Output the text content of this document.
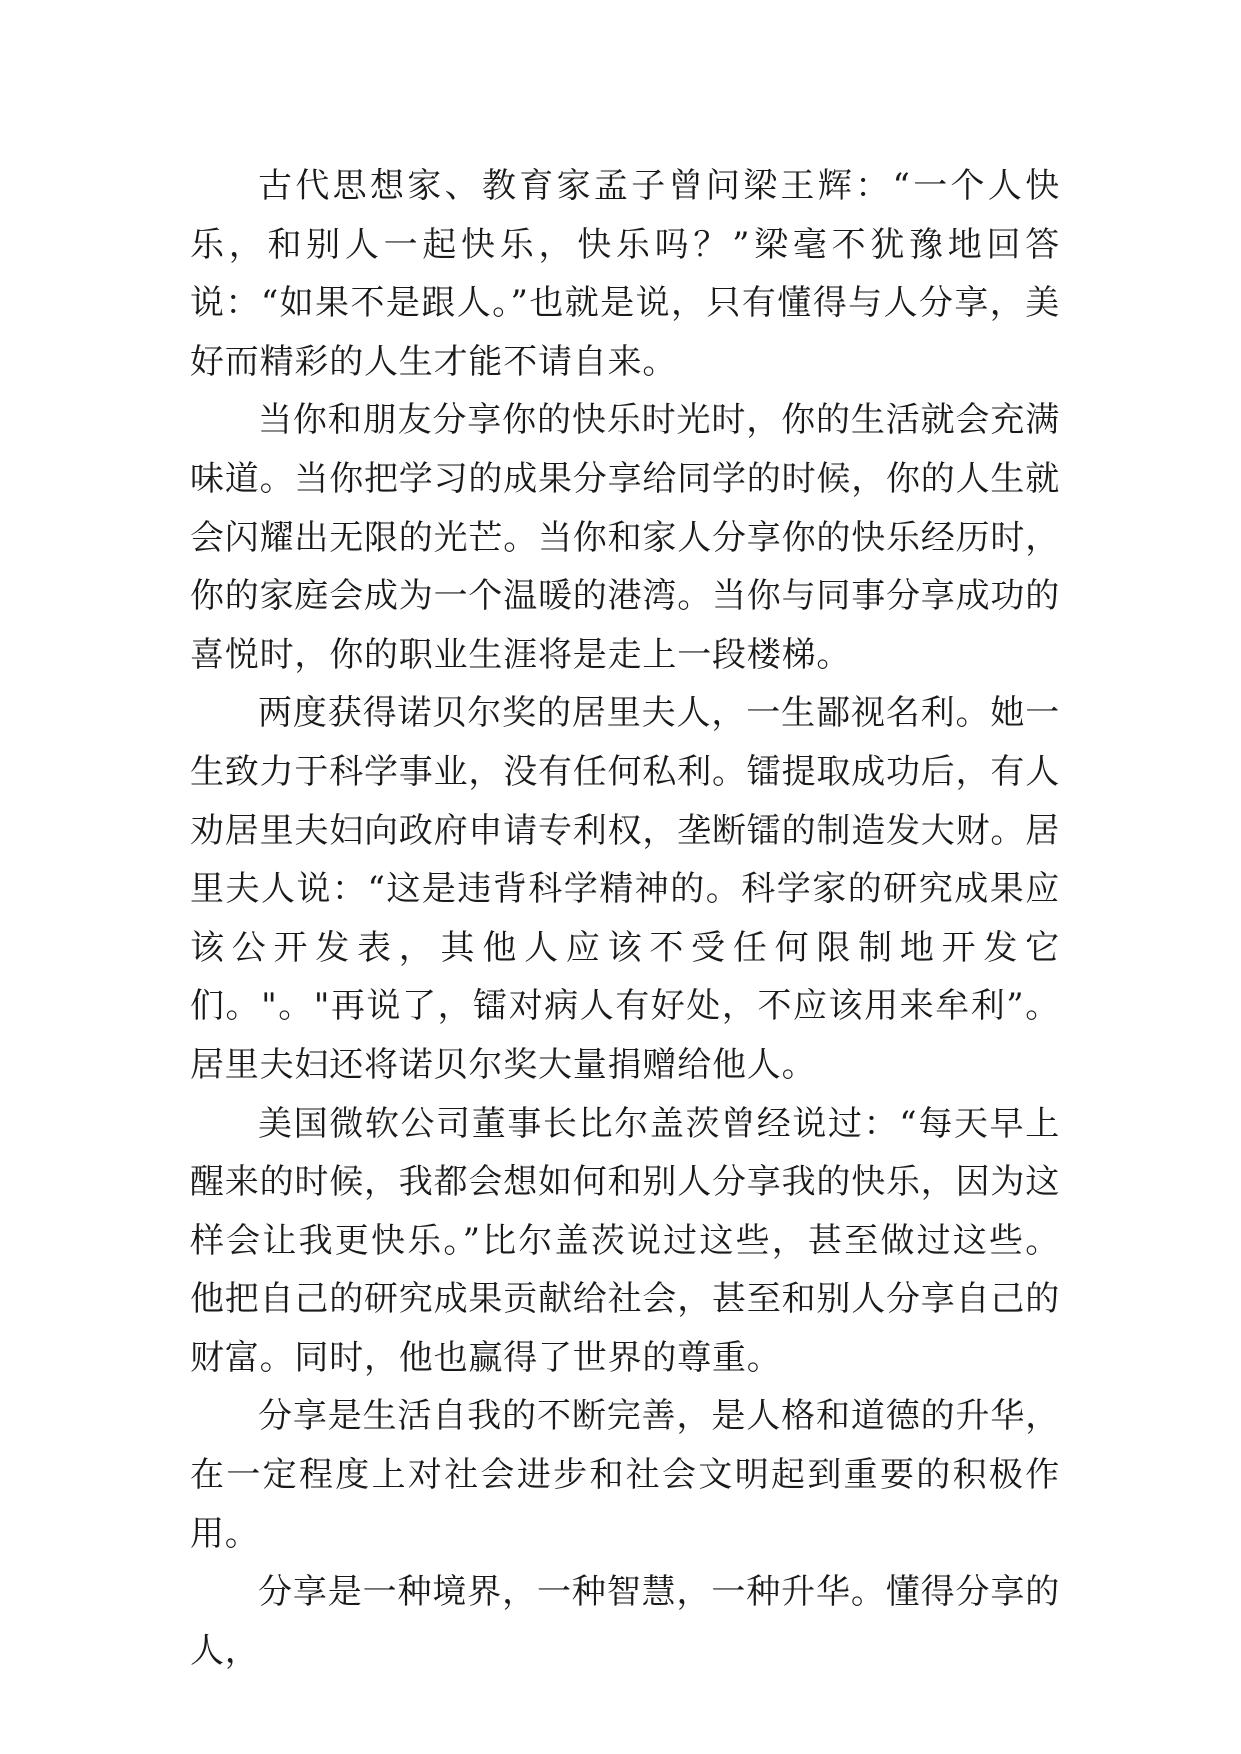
古代思想家、教育家孟子曾问梁王辉：“一个人快乐，和别人一起快乐，快乐吗？”梁毫不犹豫地回答说：“如果不是跟人。”也就是说，只有懂得与人分享，美好而精彩的人生才能不请自来。

当你和朋友分享你的快乐时光时，你的生活就会充满味道。当你把学习的成果分享给同学的时候，你的人生就会闪耀出无限的光芒。当你和家人分享你的快乐经历时，你的家庭会成为一个温暖的港湾。当你与同事分享成功的喜悦时，你的职业生涯将是走上一段楼梯。

两度获得诺贝尔奖的居里夫人，一生鄙视名利。她一生致力于科学事业，没有任何私利。镭提取成功后，有人劝居里夫妇向政府申请专利权，垄断镭的制造发大财。居里夫人说：“这是违背科学精神的。科学家的研究成果应该公开发表，其他人应该不受任何限制地开发它们。"。"再说了，镭对病人有好处，不应该用来牟利”。居里夫妇还将诺贝尔奖大量捐赠给他人。

美国微软公司董事长比尔盖茨曾经说过：“每天早上醒来的时候，我都会想如何和别人分享我的快乐，因为这样会让我更快乐。”比尔盖茨说过这些，甚至做过这些。他把自己的研究成果贡献给社会，甚至和别人分享自己的财富。同时，他也赢得了世界的尊重。

分享是生活自我的不断完善，是人格和道德的升华，在一定程度上对社会进步和社会文明起到重要的积极作用。

分享是一种境界，一种智慧，一种升华。懂得分享的人，
